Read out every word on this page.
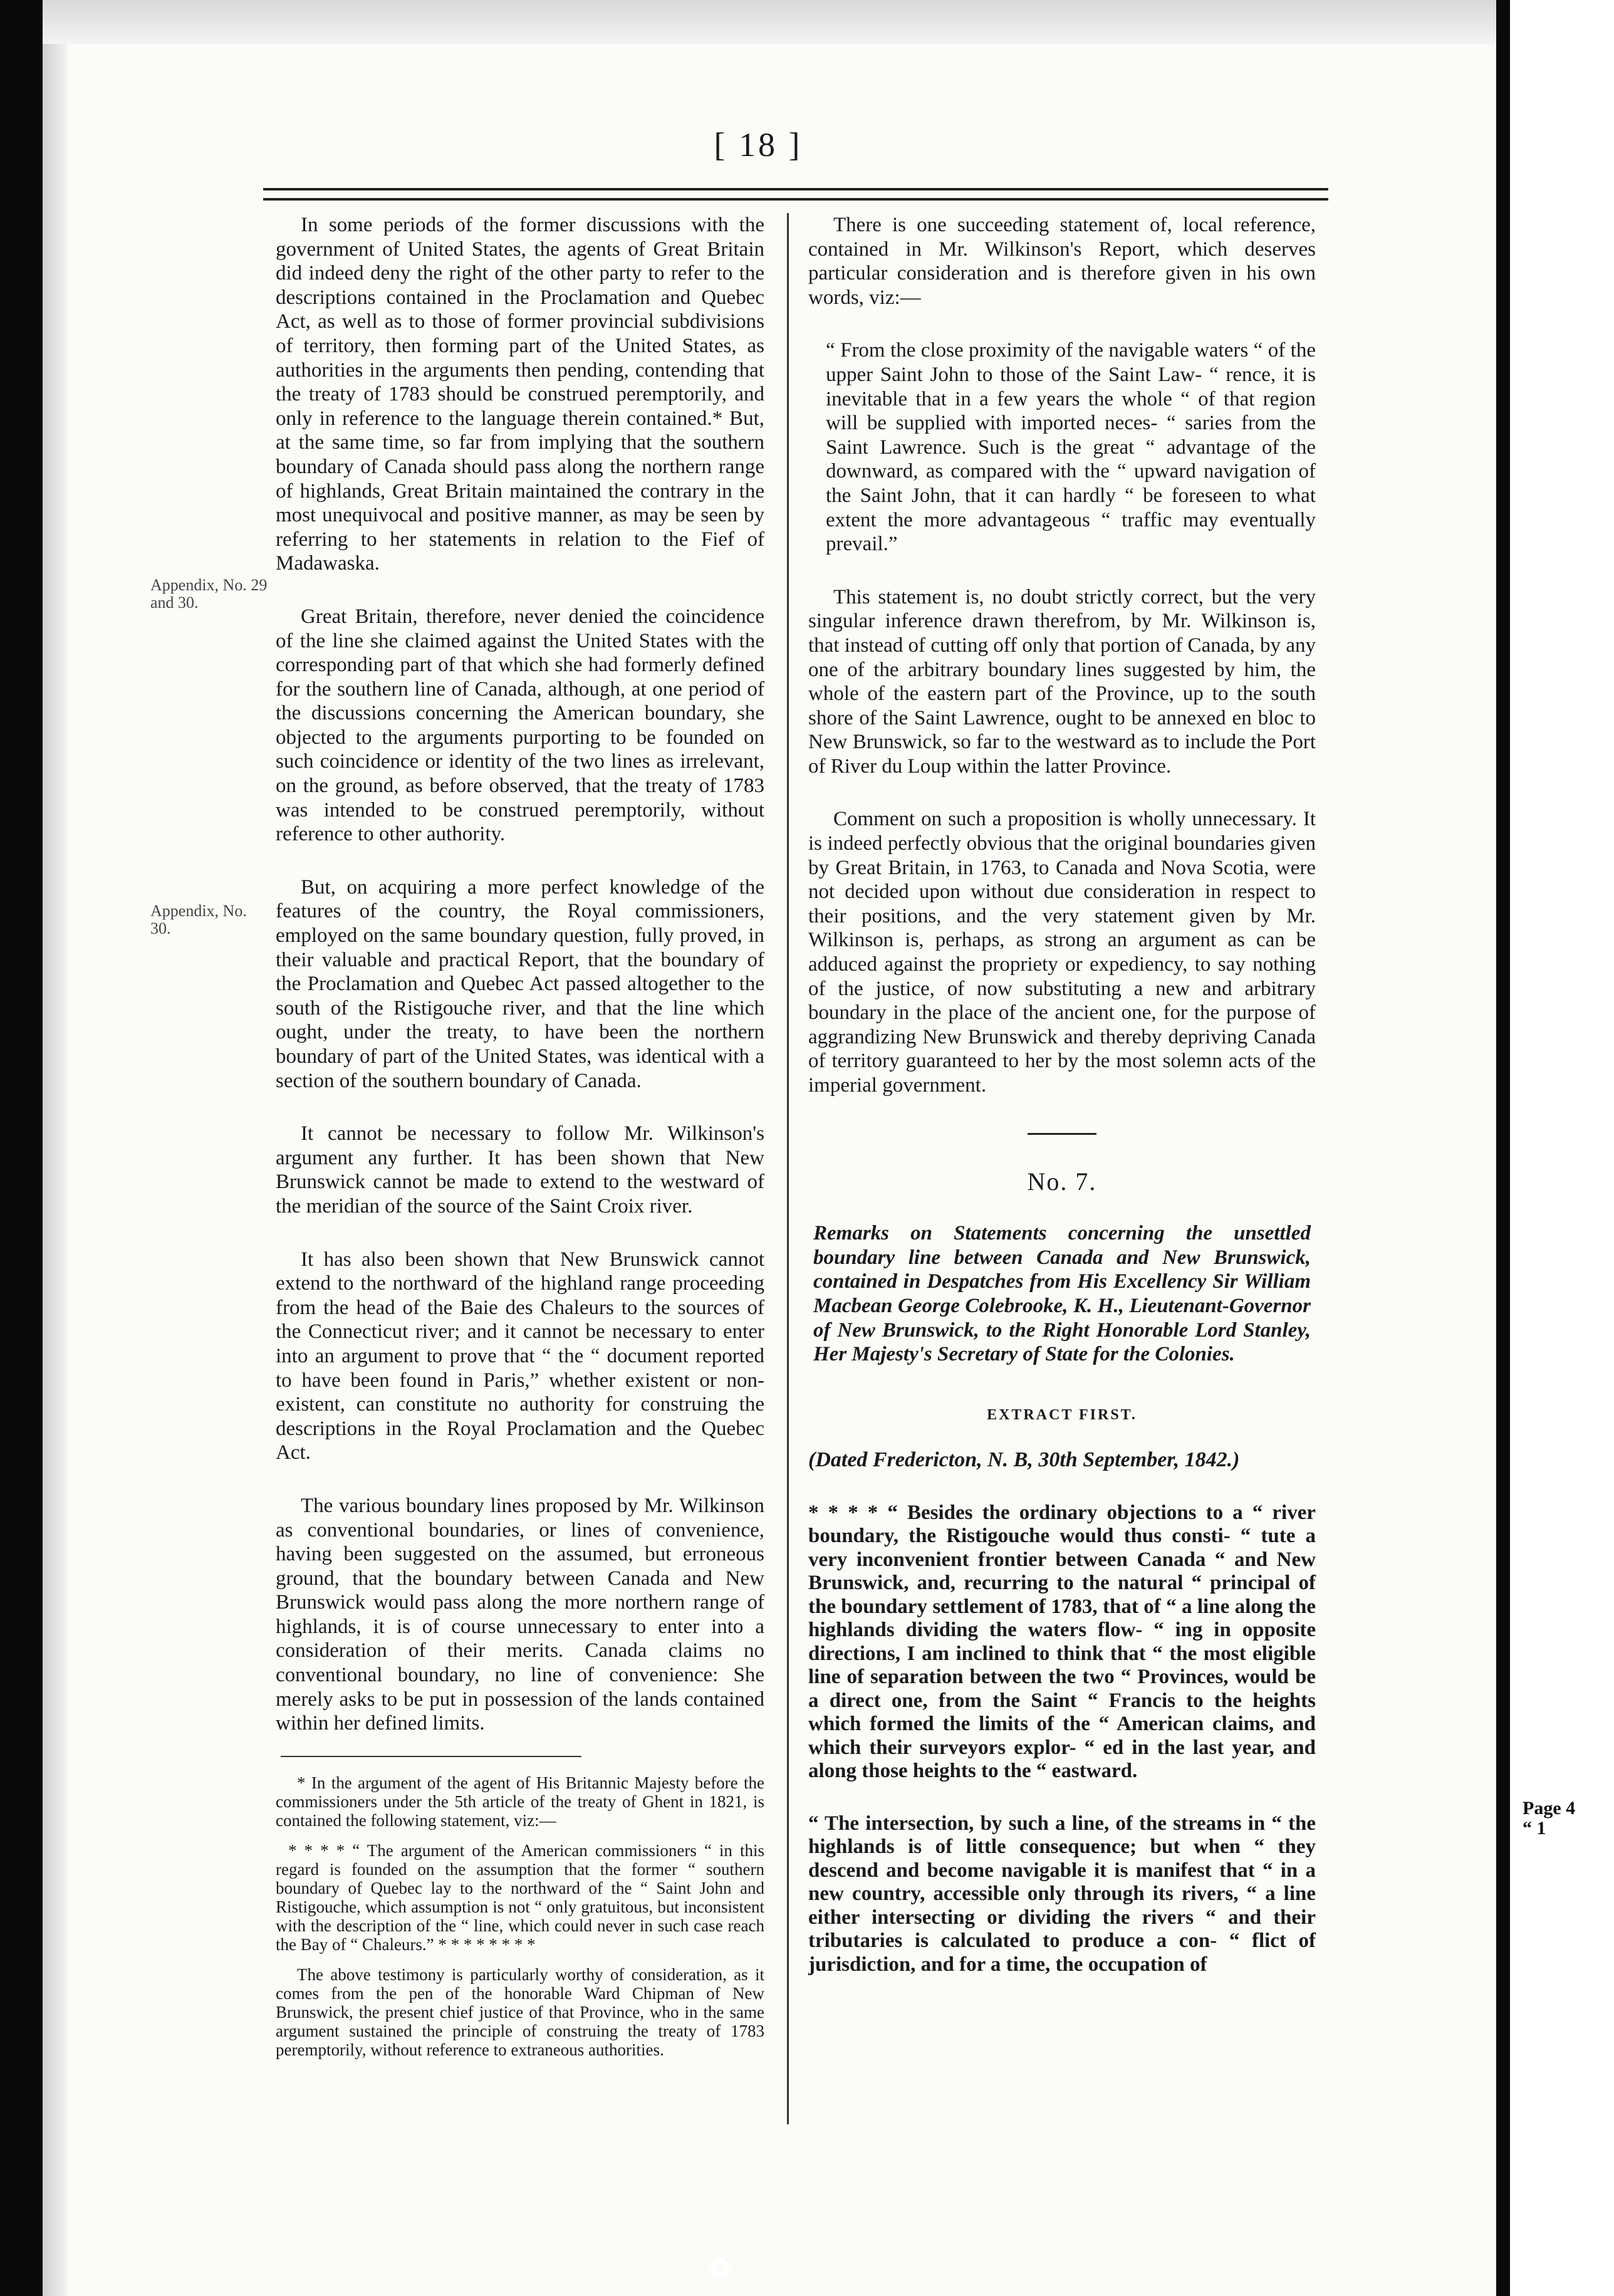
[ 18 ]
Appendix, No. 29 and 30.
Appendix, No. 30.

In some periods of the former discussions with the government of United States, the agents of Great Britain did indeed deny the right of the other party to refer to the descriptions contained in the Proclamation and Quebec Act, as well as to those of former provincial subdivisions of territory, then forming part of the United States, as authorities in the arguments then pending, contending that the treaty of 1783 should be construed peremptorily, and only in reference to the language therein contained.* But, at the same time, so far from implying that the southern boundary of Canada should pass along the northern range of highlands, Great Britain maintained the contrary in the most unequivocal and positive manner, as may be seen by referring to her statements in relation to the Fief of Madawaska.

Great Britain, therefore, never denied the coincidence of the line she claimed against the United States with the corresponding part of that which she had formerly defined for the southern line of Canada, although, at one period of the discussions concerning the American boundary, she objected to the arguments purporting to be founded on such coincidence or identity of the two lines as irrelevant, on the ground, as before observed, that the treaty of 1783 was intended to be construed peremptorily, without reference to other authority.

But, on acquiring a more perfect knowledge of the features of the country, the Royal commissioners, employed on the same boundary question, fully proved, in their valuable and practical Report, that the boundary of the Proclamation and Quebec Act passed altogether to the south of the Ristigouche river, and that the line which ought, under the treaty, to have been the northern boundary of part of the United States, was identical with a section of the southern boundary of Canada.

It cannot be necessary to follow Mr. Wilkinson's argument any further. It has been shown that New Brunswick cannot be made to extend to the westward of the meridian of the source of the Saint Croix river.

It has also been shown that New Brunswick cannot extend to the northward of the highland range proceeding from the head of the Baie des Chaleurs to the sources of the Connecticut river; and it cannot be necessary to enter into an argument to prove that “ the “ document reported to have been found in Paris,” whether existent or non-existent, can constitute no authority for construing the descriptions in the Royal Proclamation and the Quebec Act.

The various boundary lines proposed by Mr. Wilkinson as conventional boundaries, or lines of convenience, having been suggested on the assumed, but erroneous ground, that the boundary between Canada and New Brunswick would pass along the more northern range of highlands, it is of course unnecessary to enter into a consideration of their merits. Canada claims no conventional boundary, no line of convenience: She merely asks to be put in possession of the lands contained within her defined limits.

* In the argument of the agent of His Britannic Majesty before the commissioners under the 5th article of the treaty of Ghent in 1821, is contained the following statement, viz:—

* * * * “ The argument of the American commissioners “ in this regard is founded on the assumption that the former “ southern boundary of Quebec lay to the northward of the “ Saint John and Ristigouche, which assumption is not “ only gratuitous, but inconsistent with the description of the “ line, which could never in such case reach the Bay of “ Chaleurs.” * * * * * * * *

The above testimony is particularly worthy of consideration, as it comes from the pen of the honorable Ward Chipman of New Brunswick, the present chief justice of that Province, who in the same argument sustained the principle of construing the treaty of 1783 peremptorily, without reference to extraneous authorities.

There is one succeeding statement of, local reference, contained in Mr. Wilkinson's Report, which deserves particular consideration and is therefore given in his own words, viz:—

“ From the close proximity of the navigable waters “ of the upper Saint John to those of the Saint Law- “ rence, it is inevitable that in a few years the whole “ of that region will be supplied with imported neces- “ saries from the Saint Lawrence. Such is the great “ advantage of the downward, as compared with the “ upward navigation of the Saint John, that it can hardly “ be foreseen to what extent the more advantageous “ traffic may eventually prevail.”

This statement is, no doubt strictly correct, but the very singular inference drawn therefrom, by Mr. Wilkinson is, that instead of cutting off only that portion of Canada, by any one of the arbitrary boundary lines suggested by him, the whole of the eastern part of the Province, up to the south shore of the Saint Lawrence, ought to be annexed en bloc to New Brunswick, so far to the westward as to include the Port of River du Loup within the latter Province.

Comment on such a proposition is wholly unnecessary. It is indeed perfectly obvious that the original boundaries given by Great Britain, in 1763, to Canada and Nova Scotia, were not decided upon without due consideration in respect to their positions, and the very statement given by Mr. Wilkinson is, perhaps, as strong an argument as can be adduced against the propriety or expediency, to say nothing of the justice, of now substituting a new and arbitrary boundary in the place of the ancient one, for the purpose of aggrandizing New Brunswick and thereby depriving Canada of territory guaranteed to her by the most solemn acts of the imperial government.

No. 7.
Remarks on Statements concerning the unsettled boundary line between Canada and New Brunswick, contained in Despatches from His Excellency Sir William Macbean George Colebrooke, K. H., Lieutenant-Governor of New Brunswick, to the Right Honorable Lord Stanley, Her Majesty's Secretary of State for the Colonies.
EXTRACT FIRST.

(Dated Fredericton, N. B, 30th September, 1842.)

* * * * “ Besides the ordinary objections to a “ river boundary, the Ristigouche would thus consti- “ tute a very inconvenient frontier between Canada “ and New Brunswick, and, recurring to the natural “ principal of the boundary settlement of 1783, that of “ a line along the highlands dividing the waters flow- “ ing in opposite directions, I am inclined to think that “ the most eligible line of separation between the two “ Provinces, would be a direct one, from the Saint “ Francis to the heights which formed the limits of the “ American claims, and which their surveyors explor- “ ed in the last year, and along those heights to the “ eastward.

“ The intersection, by such a line, of the streams in “ the highlands is of little consequence; but when “ they descend and become navigable it is manifest that “ in a new country, accessible only through its rivers, “ a line either intersecting or dividing the rivers “ and their tributaries is calculated to produce a con- “ flict of jurisdiction, and for a time, the occupation of

Page 4
“ 1
✿
